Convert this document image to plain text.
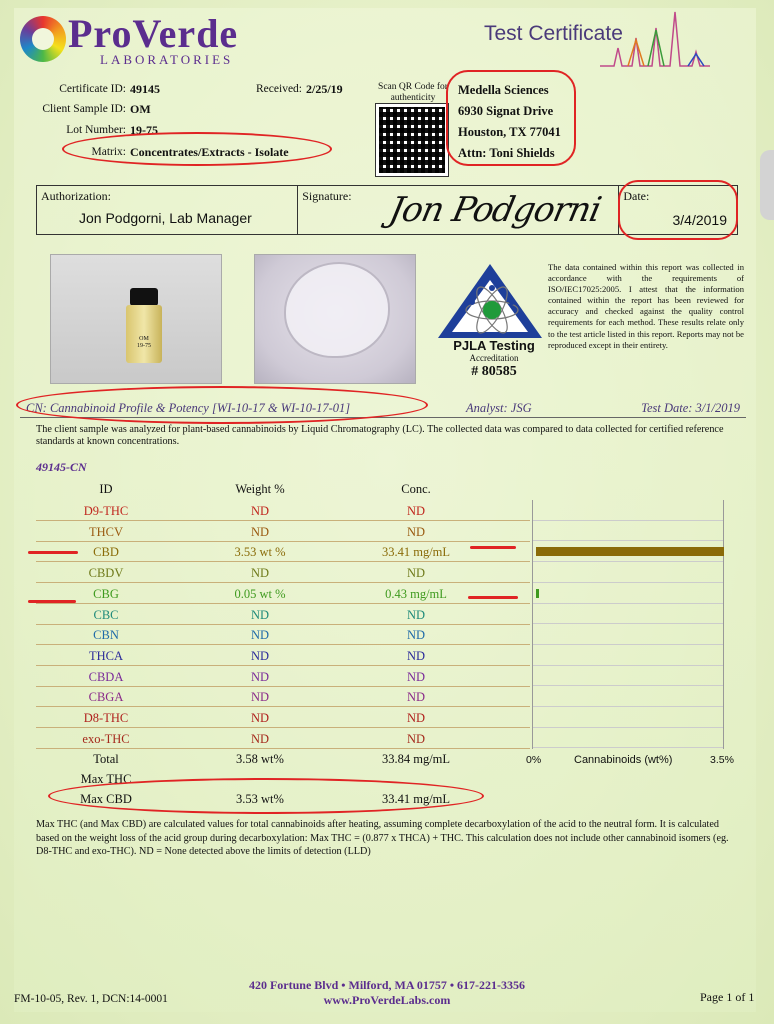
ProVerde
LABORATORIES
Test Certificate
Certificate ID: 49145
Client Sample ID: OM
Lot Number: 19-75
Matrix: Concentrates/Extracts - Isolate
Received: 2/25/19	Scan QR Code for authenticity
Medella Sciences
6930 Signat Drive
Houston, TX 77041
Attn: Toni Shields
Authorization:
Jon Podgorni, Lab Manager
Signature: Jon Podgorni Date:
3/4/2019
OM
19-75	PJLA Testing
Accreditation
# 80585
The data contained within this report was collected in accordance with the requirements of ISO/IEC17025:2005. I attest that the information contained within the report has been reviewed for accuracy and checked against the quality control requirements for each method. These results relate only to the test article listed in this report. Reports may not be reproduced except in their entirety.
CN: Cannabinoid Profile & Potency [WI-10-17 & WI-10-17-01]	Analyst: JSG	Test Date: 3/1/2019
The client sample was analyzed for plant-based cannabinoids by Liquid Chromatography (LC). The collected data was compared to data collected for certified reference standards at known concentrations.
49145-CN
ID	Weight %	Conc.
D9-THC	ND	ND
THCV	ND	ND
CBD	3.53 wt %	33.41 mg/mL
CBDV	ND	ND
CBG	0.05 wt %	0.43 mg/mL
CBC	ND	ND
CBN	ND	ND
THCA	ND	ND
CBDA	ND	ND
CBGA	ND	ND
D8-THC	ND	ND
exo-THC	ND	ND
Total	3.58 wt%	33.84 mg/mL	0%	Cannabinoids (wt%)	3.5%
Max THC
Max CBD	3.53 wt%	33.41 mg/mL
Max THC (and Max CBD) are calculated values for total cannabinoids after heating, assuming complete decarboxylation of the acid to the neutral form. It is calculated based on the weight loss of the acid group during decarboxylation: Max THC = (0.877 x THCA) + THC. This calculation does not include other cannabinoid isomers (eg. D8-THC and exo-THC). ND = None detected above the limits of detection (LLD)
420 Fortune Blvd • Milford, MA 01757 • 617-221-3356
www.ProVerdeLabs.com
FM-10-05, Rev. 1, DCN:14-0001	Page 1 of 1
